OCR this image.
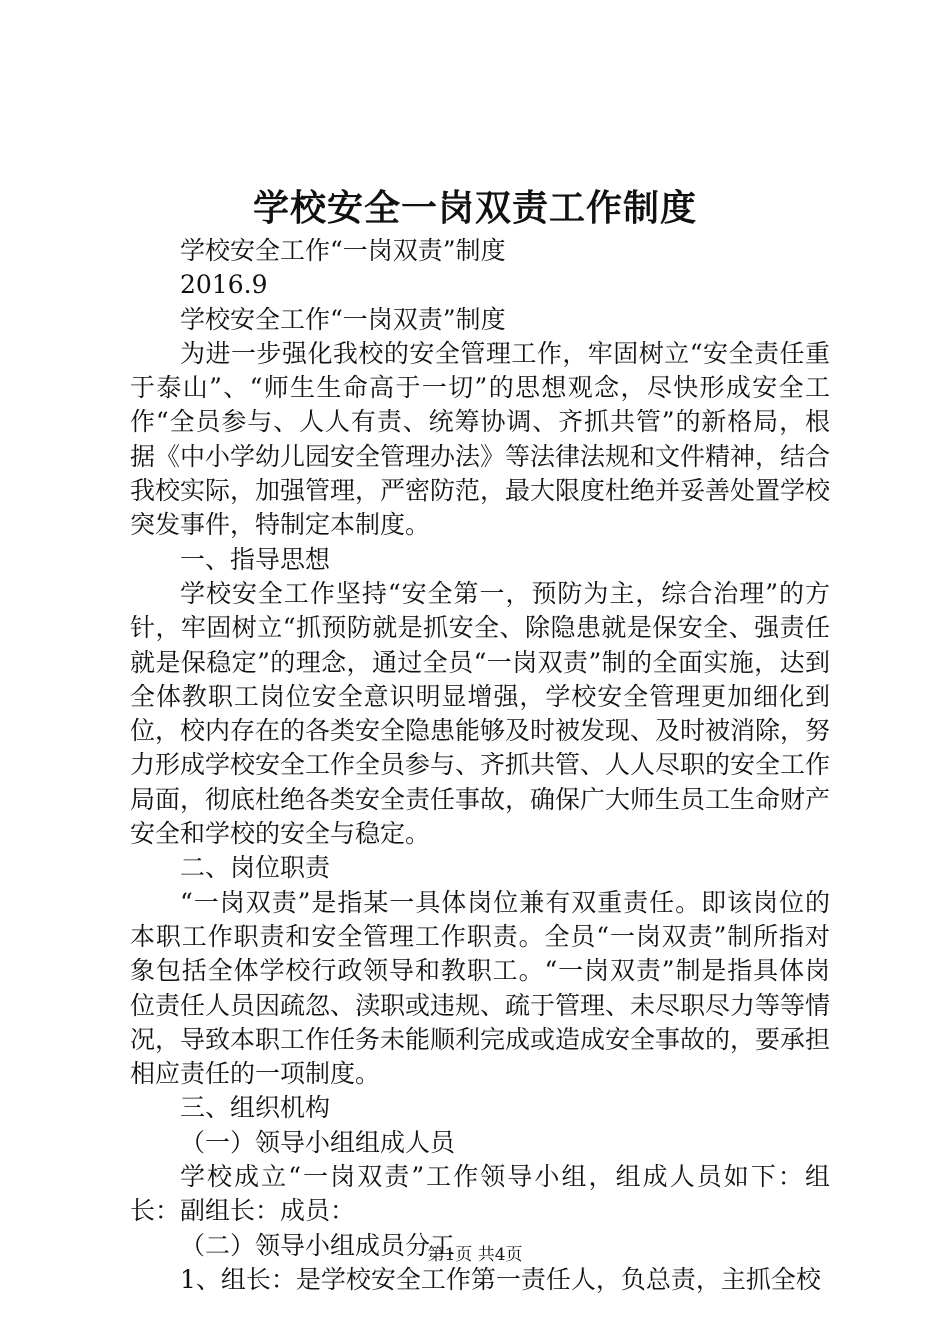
学校安全一岗双责工作制度

学校安全工作“一岗双责”制度

2016.9

学校安全工作“一岗双责”制度

为进一步强化我校的安全管理工作，牢固树立“安全责任重于泰山”、“师生生命高于一切”的思想观念，尽快形成安全工作“全员参与、人人有责、统筹协调、齐抓共管”的新格局，根据《中小学幼儿园安全管理办法》等法律法规和文件精神，结合我校实际，加强管理，严密防范，最大限度杜绝并妥善处置学校突发事件，特制定本制度。

一、指导思想

学校安全工作坚持“安全第一，预防为主，综合治理”的方针，牢固树立“抓预防就是抓安全、除隐患就是保安全、强责任就是保稳定”的理念，通过全员“一岗双责”制的全面实施，达到全体教职工岗位安全意识明显增强，学校安全管理更加细化到位，校内存在的各类安全隐患能够及时被发现、及时被消除，努力形成学校安全工作全员参与、齐抓共管、人人尽职的安全工作局面，彻底杜绝各类安全责任事故，确保广大师生员工生命财产安全和学校的安全与稳定。

二、岗位职责

“一岗双责”是指某一具体岗位兼有双重责任。即该岗位的本职工作职责和安全管理工作职责。全员“一岗双责”制所指对象包括全体学校行政领导和教职工。“一岗双责”制是指具体岗位责任人员因疏忽、渎职或违规、疏于管理、未尽职尽力等等情况，导致本职工作任务未能顺利完成或造成安全事故的，要承担相应责任的一项制度。

三、组织机构

（一）领导小组组成人员

学校成立“一岗双责”工作领导小组，组成人员如下：组长：副组长：成员：

（二）领导小组成员分工

1、组长：是学校安全工作第一责任人，负总责，主抓全校

第1页 共4页
